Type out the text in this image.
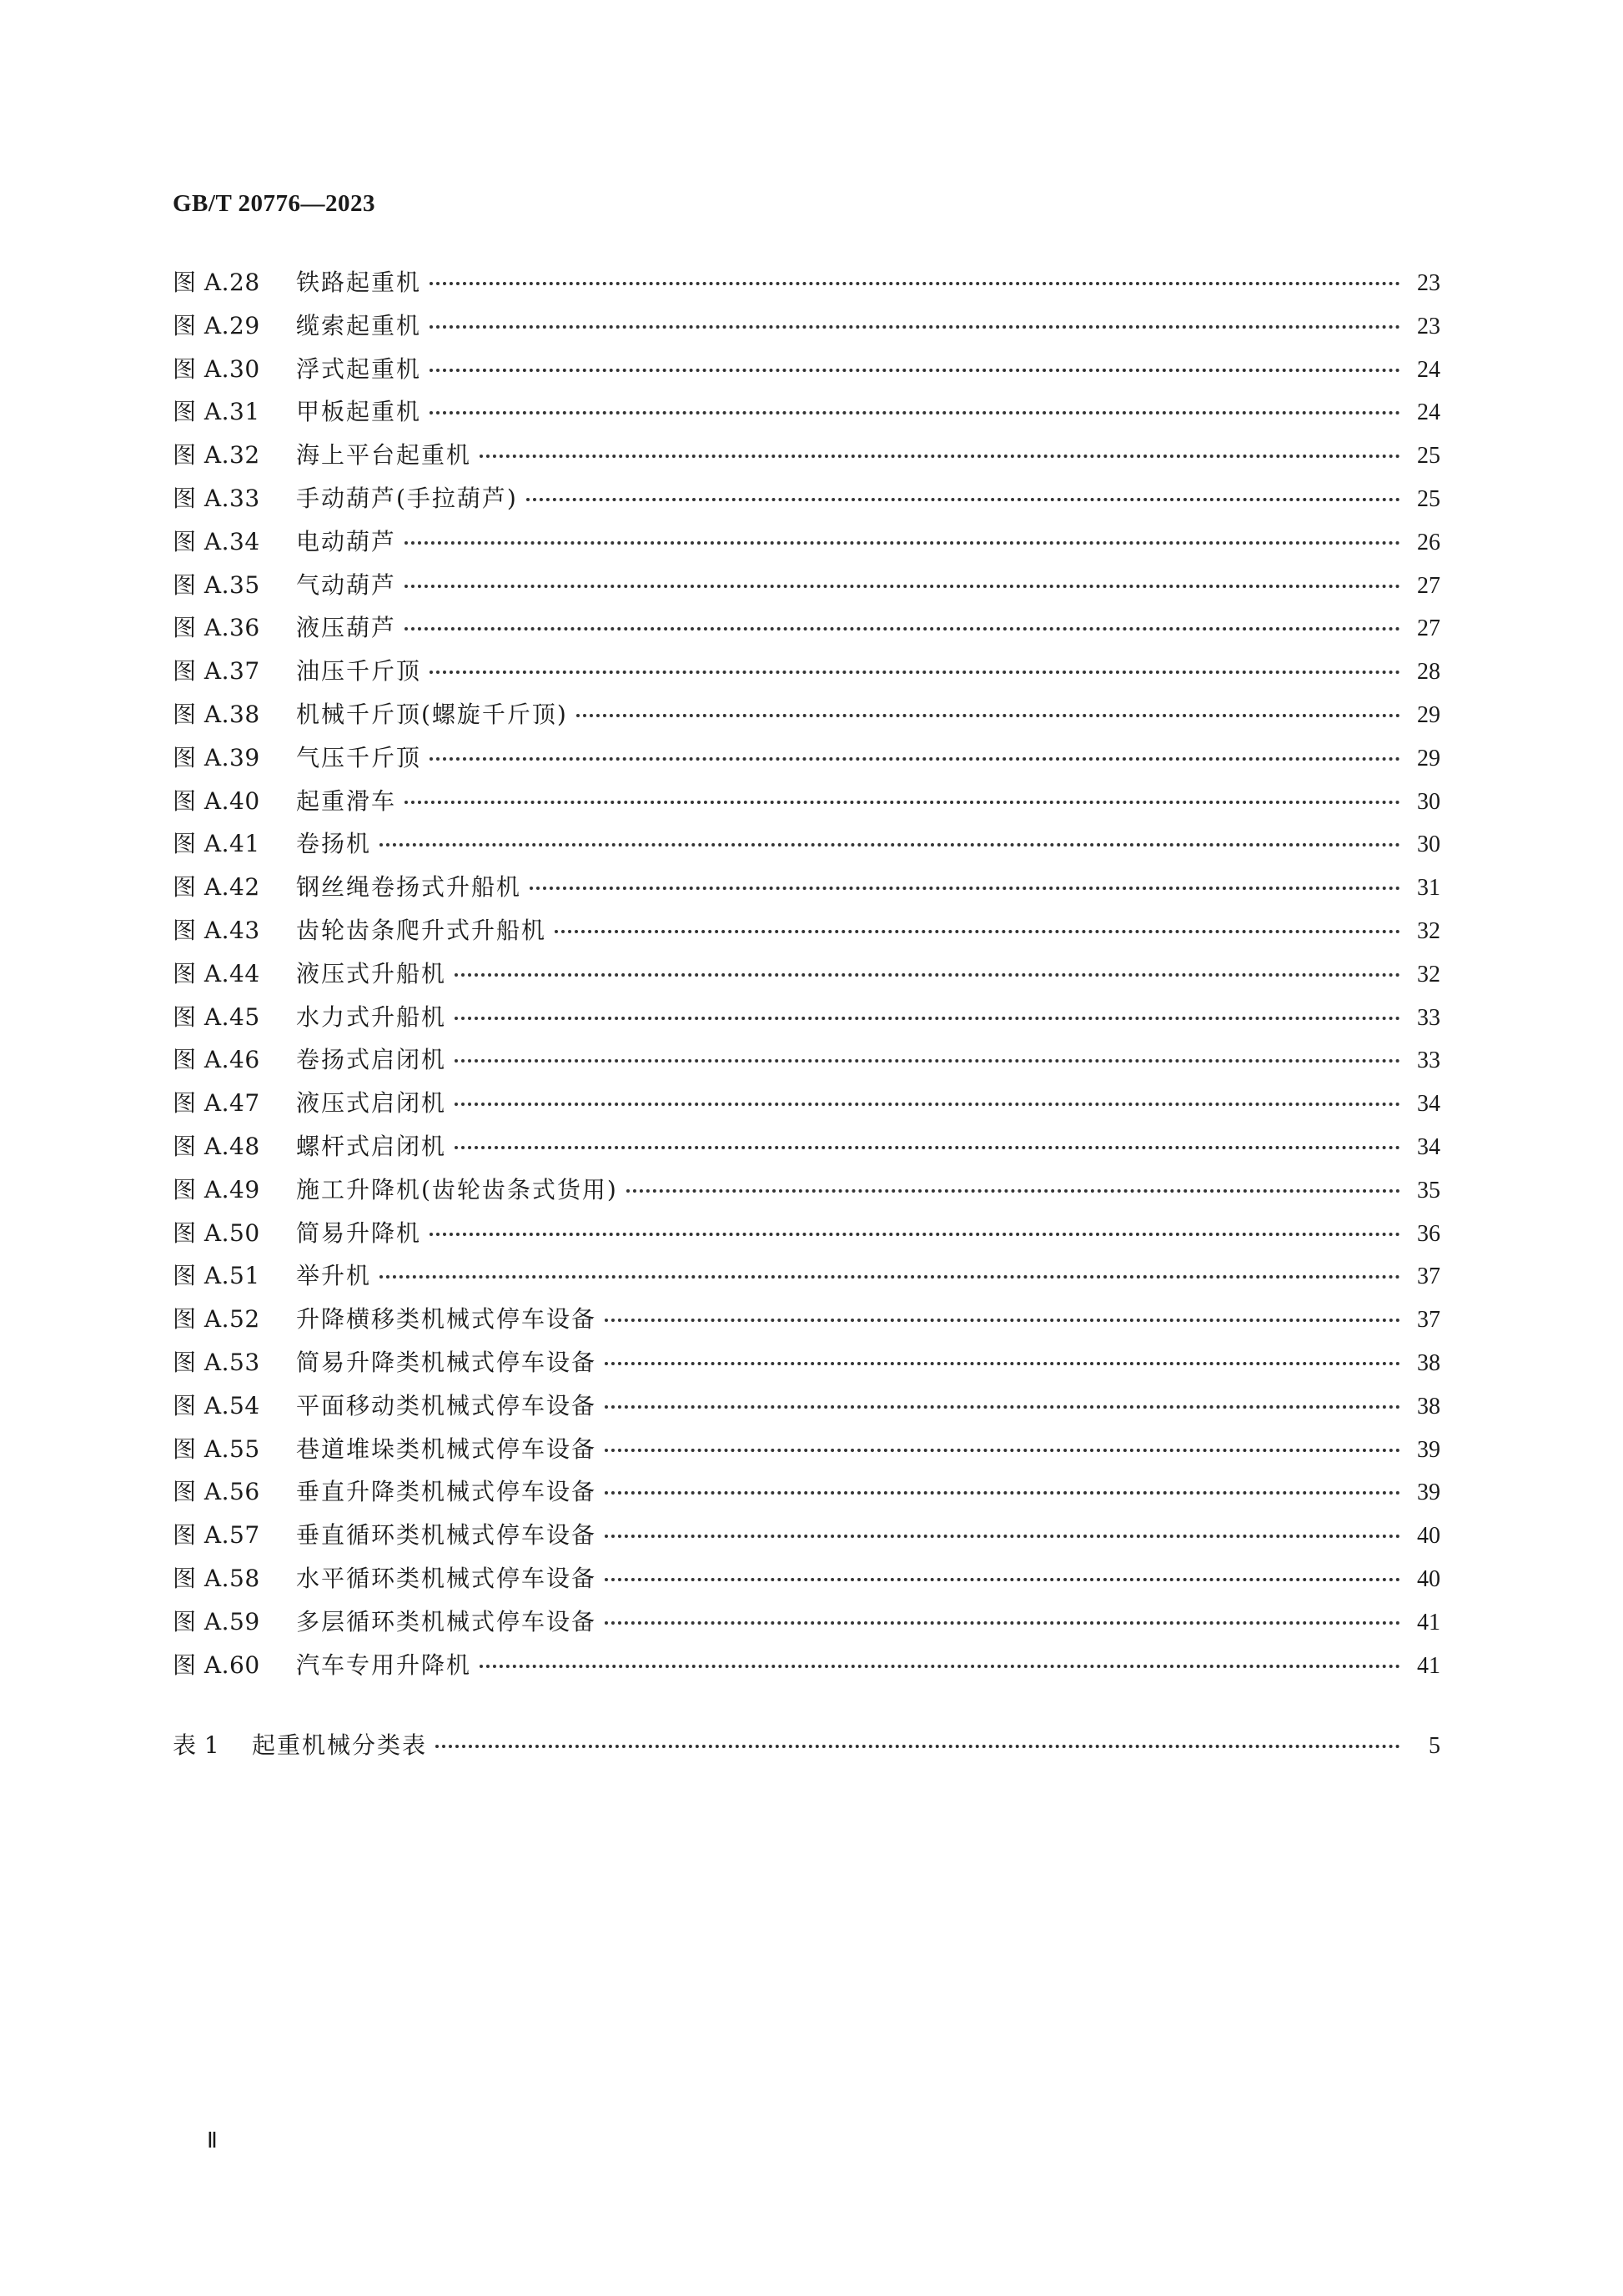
GB/T 20776—2023
图 A.28	铁路起重机	23
图 A.29	缆索起重机	23
图 A.30	浮式起重机	24
图 A.31	甲板起重机	24
图 A.32	海上平台起重机	25
图 A.33	手动葫芦(手拉葫芦)	25
图 A.34	电动葫芦	26
图 A.35	气动葫芦	27
图 A.36	液压葫芦	27
图 A.37	油压千斤顶	28
图 A.38	机械千斤顶(螺旋千斤顶)	29
图 A.39	气压千斤顶	29
图 A.40	起重滑车	30
图 A.41	卷扬机	30
图 A.42	钢丝绳卷扬式升船机	31
图 A.43	齿轮齿条爬升式升船机	32
图 A.44	液压式升船机	32
图 A.45	水力式升船机	33
图 A.46	卷扬式启闭机	33
图 A.47	液压式启闭机	34
图 A.48	螺杆式启闭机	34
图 A.49	施工升降机(齿轮齿条式货用)	35
图 A.50	简易升降机	36
图 A.51	举升机	37
图 A.52	升降横移类机械式停车设备	37
图 A.53	简易升降类机械式停车设备	38
图 A.54	平面移动类机械式停车设备	38
图 A.55	巷道堆垛类机械式停车设备	39
图 A.56	垂直升降类机械式停车设备	39
图 A.57	垂直循环类机械式停车设备	40
图 A.58	水平循环类机械式停车设备	40
图 A.59	多层循环类机械式停车设备	41
图 A.60	汽车专用升降机	41
表 1	起重机械分类表	5
Ⅱ
